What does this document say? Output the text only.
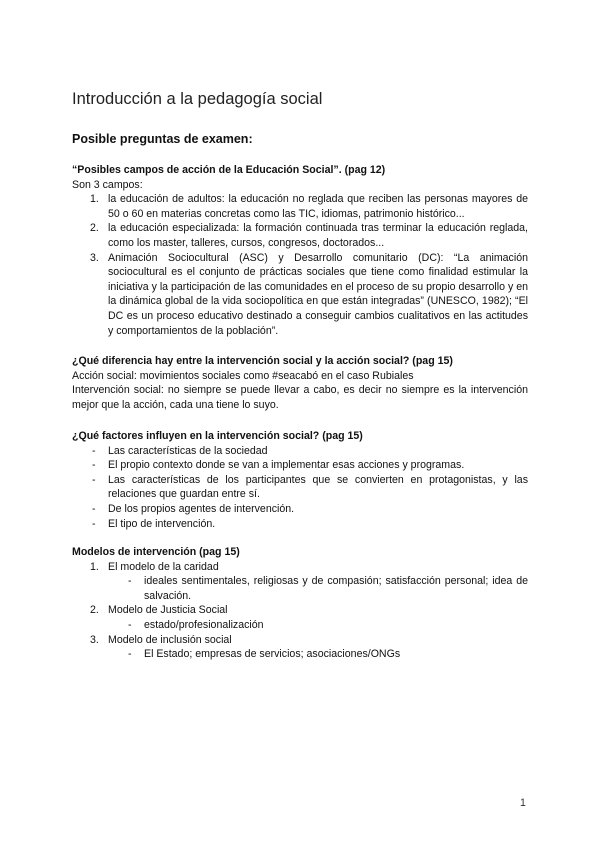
Introducción a la pedagogía social
Posible preguntas de examen:

“Posibles campos de acción de la Educación Social”. (pag 12)

Son 3 campos:

1. la educación de adultos: la educación no reglada que reciben las personas mayores de 50 o 60 en materias concretas como las TIC, idiomas, patrimonio histórico...
2. la educación especializada: la formación continuada tras terminar la educación reglada, como los master, talleres, cursos, congresos, doctorados...
3. Animación Sociocultural (ASC) y Desarrollo comunitario (DC): “La animación sociocultural es el conjunto de prácticas sociales que tiene como finalidad estimular la iniciativa y la participación de las comunidades en el proceso de su propio desarrollo y en la dinámica global de la vida sociopolítica en que están integradas” (UNESCO, 1982); “El DC es un proceso educativo destinado a conseguir cambios cualitativos en las actitudes y comportamientos de la población”.

¿Qué diferencia hay entre la intervención social y la acción social? (pag 15)

Acción social: movimientos sociales como #seacabó en el caso Rubiales

Intervención social: no siempre se puede llevar a cabo, es decir no siempre es la intervención mejor que la acción, cada una tiene lo suyo.

¿Qué factores influyen en la intervención social? (pag 15)

- Las características de la sociedad
- El propio contexto donde se van a implementar esas acciones y programas.
- Las características de los participantes que se convierten en protagonistas, y las relaciones que guardan entre sí.
- De los propios agentes de intervención.
- El tipo de intervención.

Modelos de intervención (pag 15)

1. El modelo de la caridad
- ideales sentimentales, religiosas y de compasión; satisfacción personal; idea de salvación.
2. Modelo de Justicia Social
- estado/profesionalización
3. Modelo de inclusión social
- El Estado; empresas de servicios; asociaciones/ONGs
1
